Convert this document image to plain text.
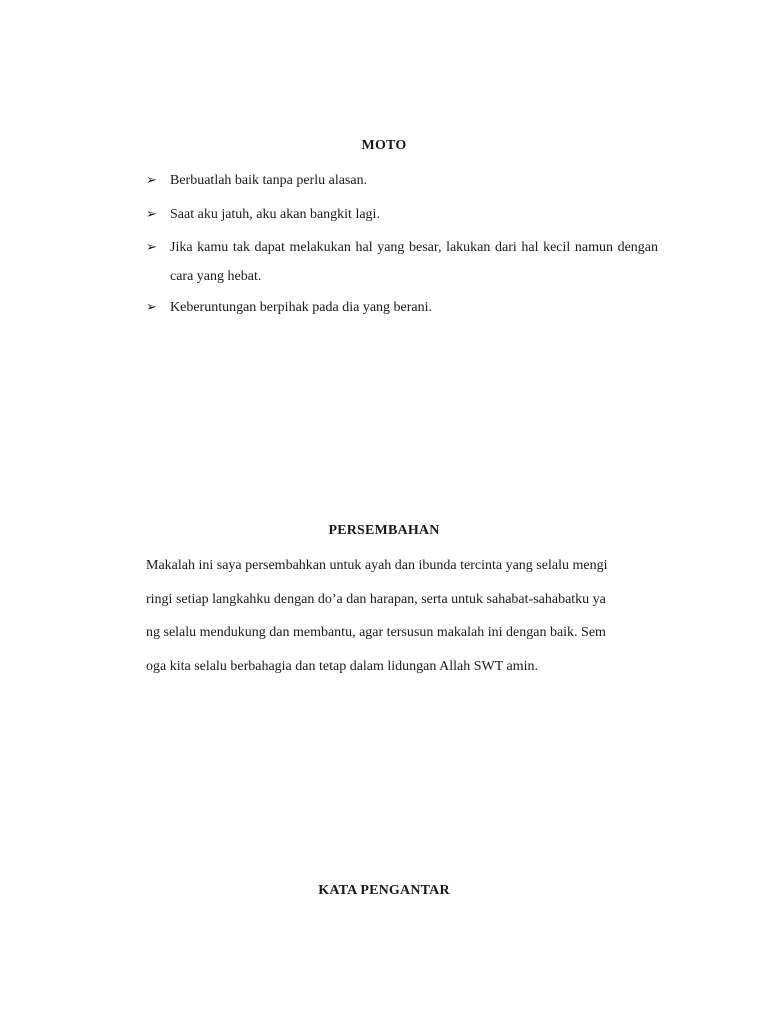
MOTO
➢ Berbuatlah baik tanpa perlu alasan.
➢ Saat aku jatuh, aku akan bangkit lagi.
➢ Jika kamu tak dapat melakukan hal yang besar, lakukan dari hal kecil namun dengan cara yang hebat.
➢ Keberuntungan berpihak pada dia yang berani.
PERSEMBAHAN
Makalah ini saya persembahkan untuk ayah dan ibunda tercinta yang selalu mengi
ringi setiap langkahku dengan do’a dan harapan, serta untuk sahabat-sahabatku ya
ng selalu mendukung dan membantu, agar tersusun makalah ini dengan baik. Sem
oga kita selalu berbahagia dan tetap dalam lidungan Allah SWT amin.
KATA PENGANTAR
